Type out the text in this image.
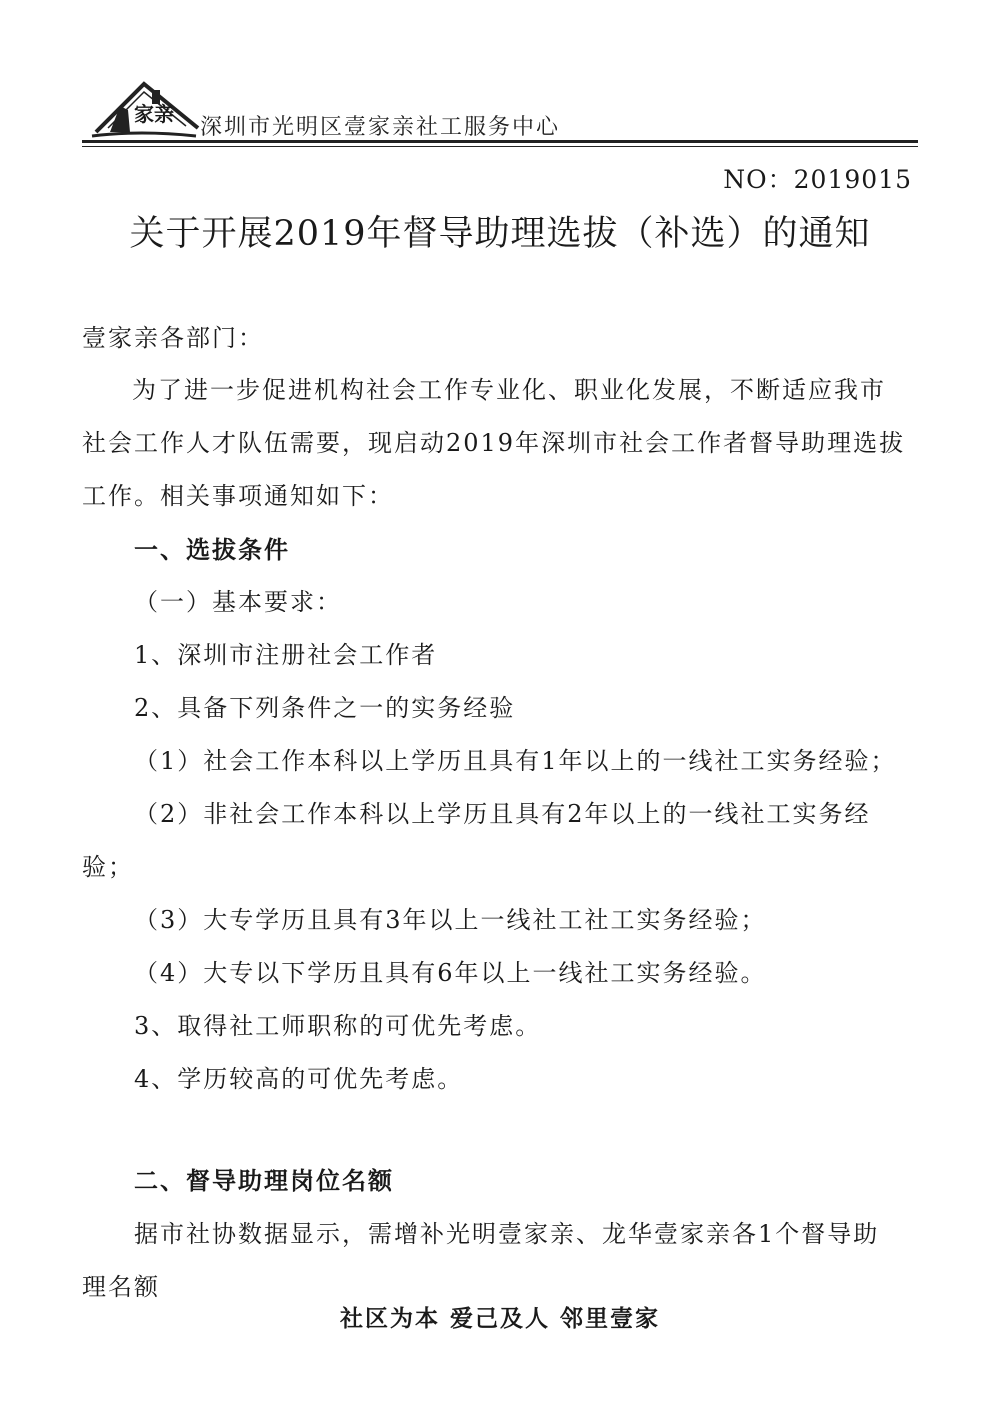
家亲
深圳市光明区壹家亲社工服务中心
NO：2019015
关于开展2019年督导助理选拔（补选）的通知
壹家亲各部门：
为了进一步促进机构社会工作专业化、职业化发展，不断适应我市
社会工作人才队伍需要，现启动2019年深圳市社会工作者督导助理选拔
工作。相关事项通知如下：
一、选拔条件
（一）基本要求：
1、深圳市注册社会工作者
2、具备下列条件之一的实务经验
（1）社会工作本科以上学历且具有1年以上的一线社工实务经验；
（2）非社会工作本科以上学历且具有2年以上的一线社工实务经
验；
（3）大专学历且具有3年以上一线社工社工实务经验；
（4）大专以下学历且具有6年以上一线社工实务经验。
3、取得社工师职称的可优先考虑。
4、学历较高的可优先考虑。
二、督导助理岗位名额
据市社协数据显示，需增补光明壹家亲、龙华壹家亲各1个督导助
理名额
社区为本 爱己及人 邻里壹家
